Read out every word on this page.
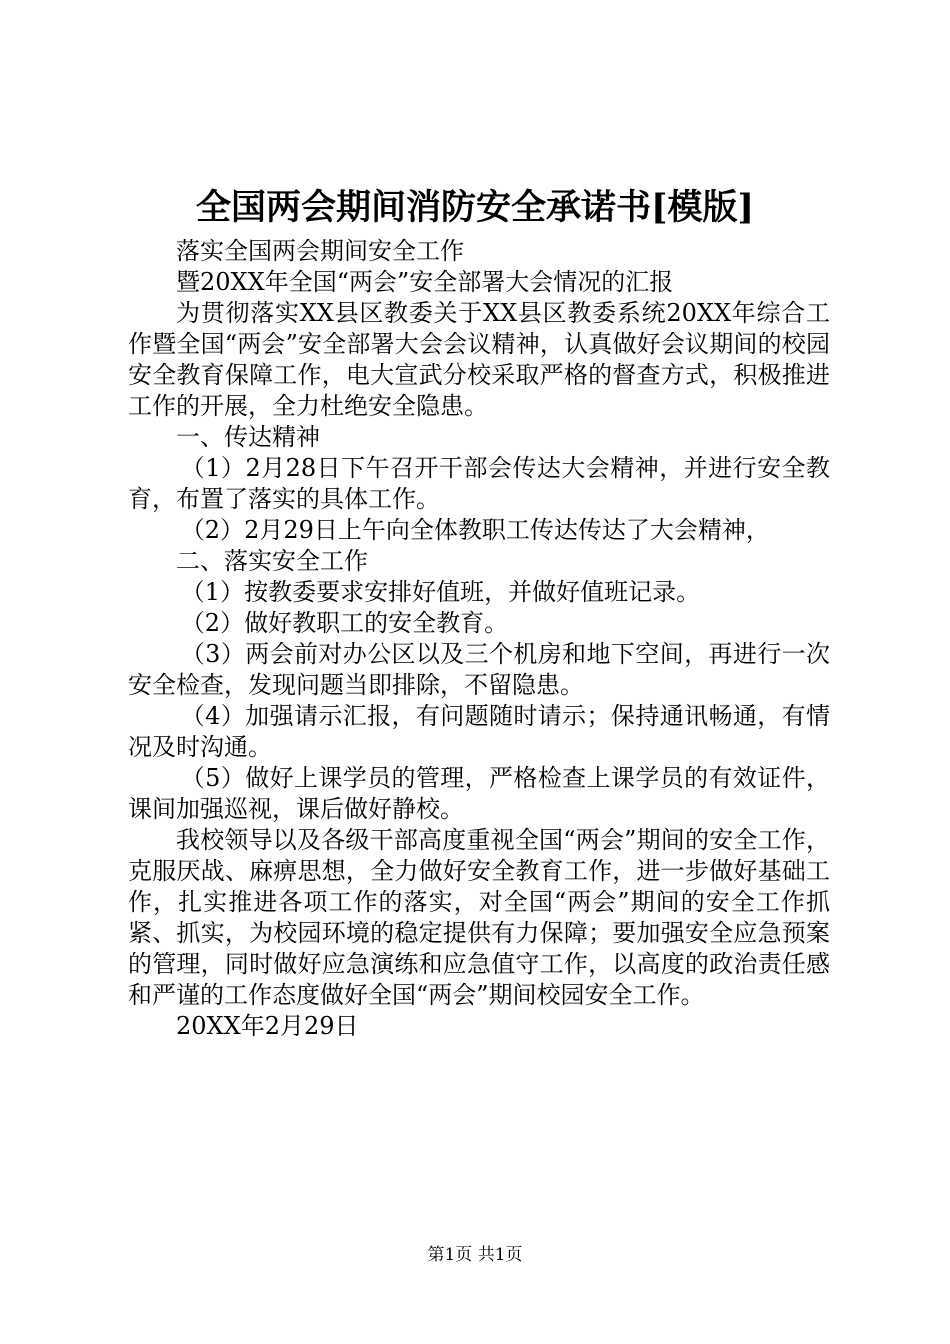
全国两会期间消防安全承诺书[模版]

落实全国两会期间安全工作

暨20XX年全国“两会”安全部署大会情况的汇报

为贯彻落实XX县区教委关于XX县区教委系统20XX年综合工作暨全国“两会”安全部署大会会议精神，认真做好会议期间的校园安全教育保障工作，电大宣武分校采取严格的督查方式，积极推进工作的开展，全力杜绝安全隐患。

一、传达精神

（1）2月28日下午召开干部会传达大会精神，并进行安全教育，布置了落实的具体工作。

（2）2月29日上午向全体教职工传达传达了大会精神，

二、落实安全工作

（1）按教委要求安排好值班，并做好值班记录。

（2）做好教职工的安全教育。

（3）两会前对办公区以及三个机房和地下空间，再进行一次安全检查，发现问题当即排除，不留隐患。

（4）加强请示汇报，有问题随时请示；保持通讯畅通，有情况及时沟通。

（5）做好上课学员的管理，严格检查上课学员的有效证件，课间加强巡视，课后做好静校。

我校领导以及各级干部高度重视全国“两会”期间的安全工作，克服厌战、麻痹思想，全力做好安全教育工作，进一步做好基础工作，扎实推进各项工作的落实，对全国“两会”期间的安全工作抓紧、抓实，为校园环境的稳定提供有力保障；要加强安全应急预案的管理，同时做好应急演练和应急值守工作，以高度的政治责任感和严谨的工作态度做好全国“两会”期间校园安全工作。

20XX年2月29日

第1页 共1页
